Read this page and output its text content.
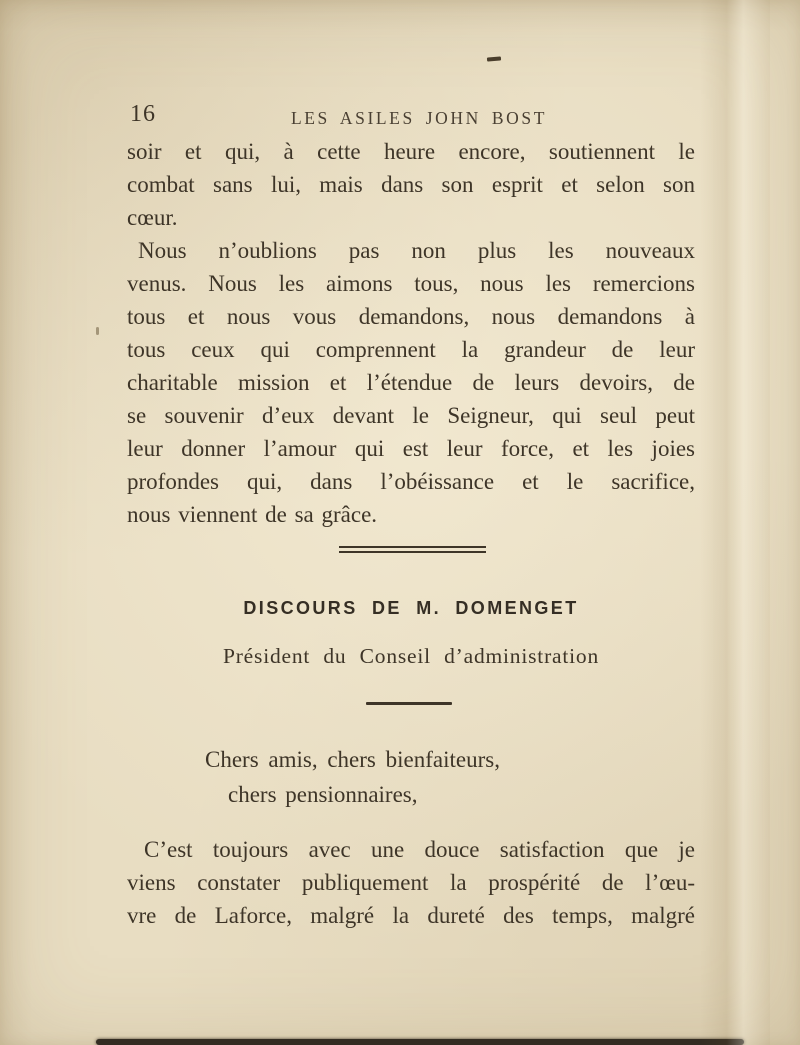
16	LES ASILES JOHN BOST
soir et qui, à cette heure encore, soutiennent le
combat sans lui, mais dans son esprit et selon son
cœur.
Nous n’oublions pas non plus les nouveaux
venus. Nous les aimons tous, nous les remercions
tous et nous vous demandons, nous demandons à
tous ceux qui comprennent la grandeur de leur
charitable mission et l’étendue de leurs devoirs, de
se souvenir d’eux devant le Seigneur, qui seul peut
leur donner l’amour qui est leur force, et les joies
profondes qui, dans l’obéissance et le sacrifice,
nous viennent de sa grâce.
DISCOURS DE M. DOMENGET
Président du Conseil d’administration
Chers amis, chers bienfaiteurs,
chers pensionnaires,
C’est toujours avec une douce satisfaction que je
viens constater publiquement la prospérité de l’œu-
vre de Laforce, malgré la dureté des temps, malgré
